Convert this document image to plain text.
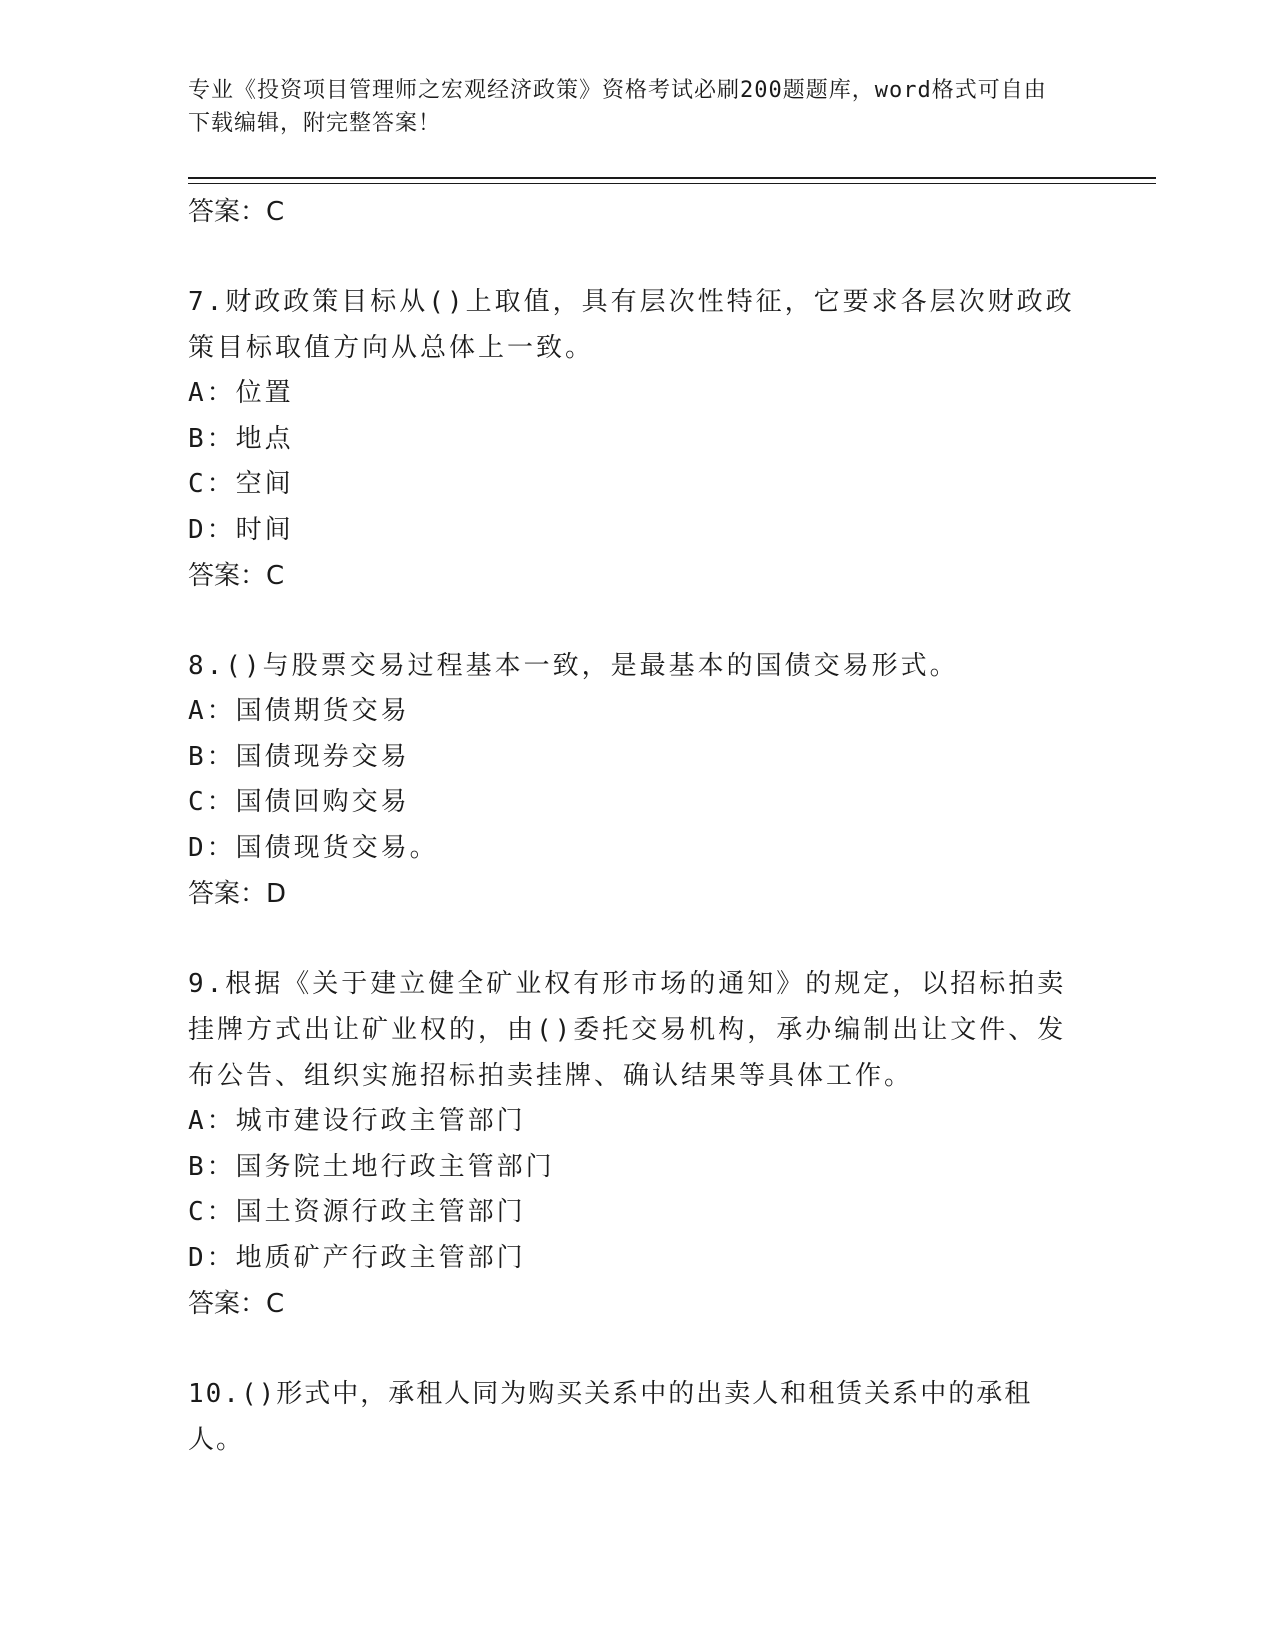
专业《投资项目管理师之宏观经济政策》资格考试必刷200题题库，word格式可自由下载编辑，附完整答案！
答案：C
7.财政政策目标从()上取值，具有层次性特征，它要求各层次财政政策目标取值方向从总体上一致。
A：位置
B：地点
C：空间
D：时间
答案：C
8.()与股票交易过程基本一致，是最基本的国债交易形式。
A：国债期货交易
B：国债现券交易
C：国债回购交易
D：国债现货交易。
答案：D
9.根据《关于建立健全矿业权有形市场的通知》的规定，以招标拍卖挂牌方式出让矿业权的，由()委托交易机构，承办编制出让文件、发布公告、组织实施招标拍卖挂牌、确认结果等具体工作。
A：城市建设行政主管部门
B：国务院土地行政主管部门
C：国土资源行政主管部门
D：地质矿产行政主管部门
答案：C
10.()形式中，承租人同为购买关系中的出卖人和租赁关系中的承租人。
